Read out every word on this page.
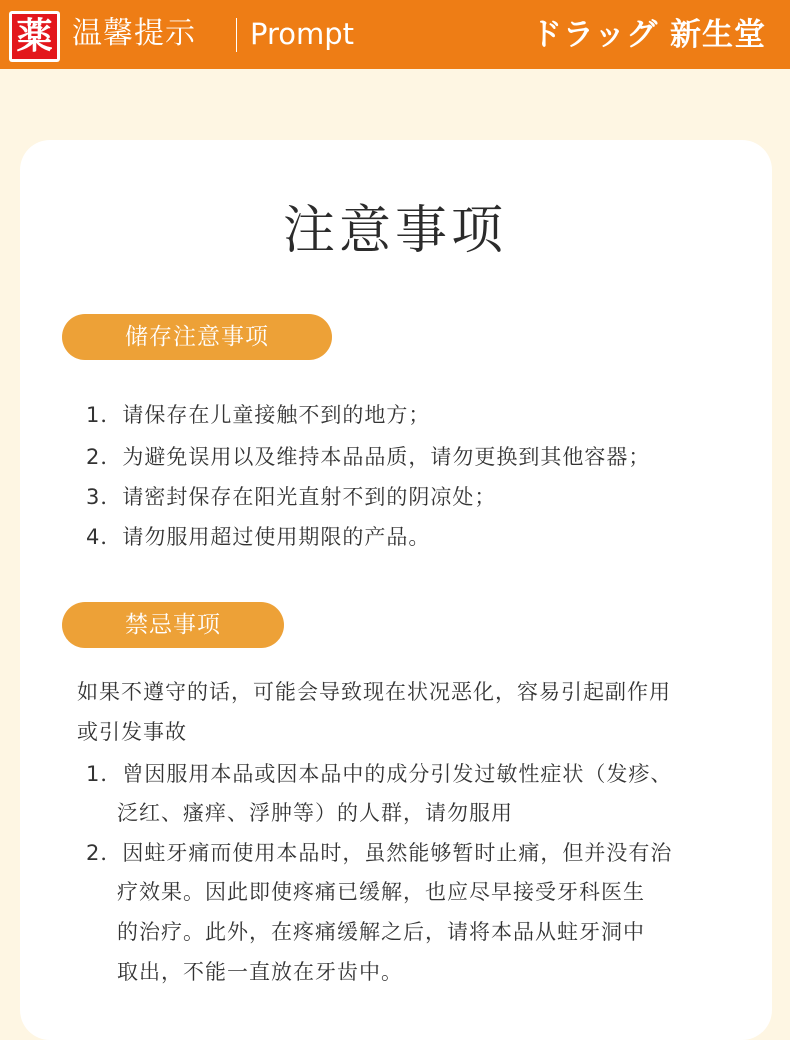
薬 温馨提示 Prompt	ドラッグ 新生堂
注意事项
储存注意事项
1．请保存在儿童接触不到的地方；
2．为避免误用以及维持本品品质，请勿更换到其他容器；
3．请密封保存在阳光直射不到的阴凉处；
4．请勿服用超过使用期限的产品。
禁忌事项
如果不遵守的话，可能会导致现在状况恶化，容易引起副作用
或引发事故
1．曾因服用本品或因本品中的成分引发过敏性症状（发疹、
泛红、瘙痒、浮肿等）的人群，请勿服用
2．因蛀牙痛而使用本品时，虽然能够暂时止痛，但并没有治
疗效果。因此即使疼痛已缓解，也应尽早接受牙科医生
的治疗。此外，在疼痛缓解之后，请将本品从蛀牙洞中
取出，不能一直放在牙齿中。
